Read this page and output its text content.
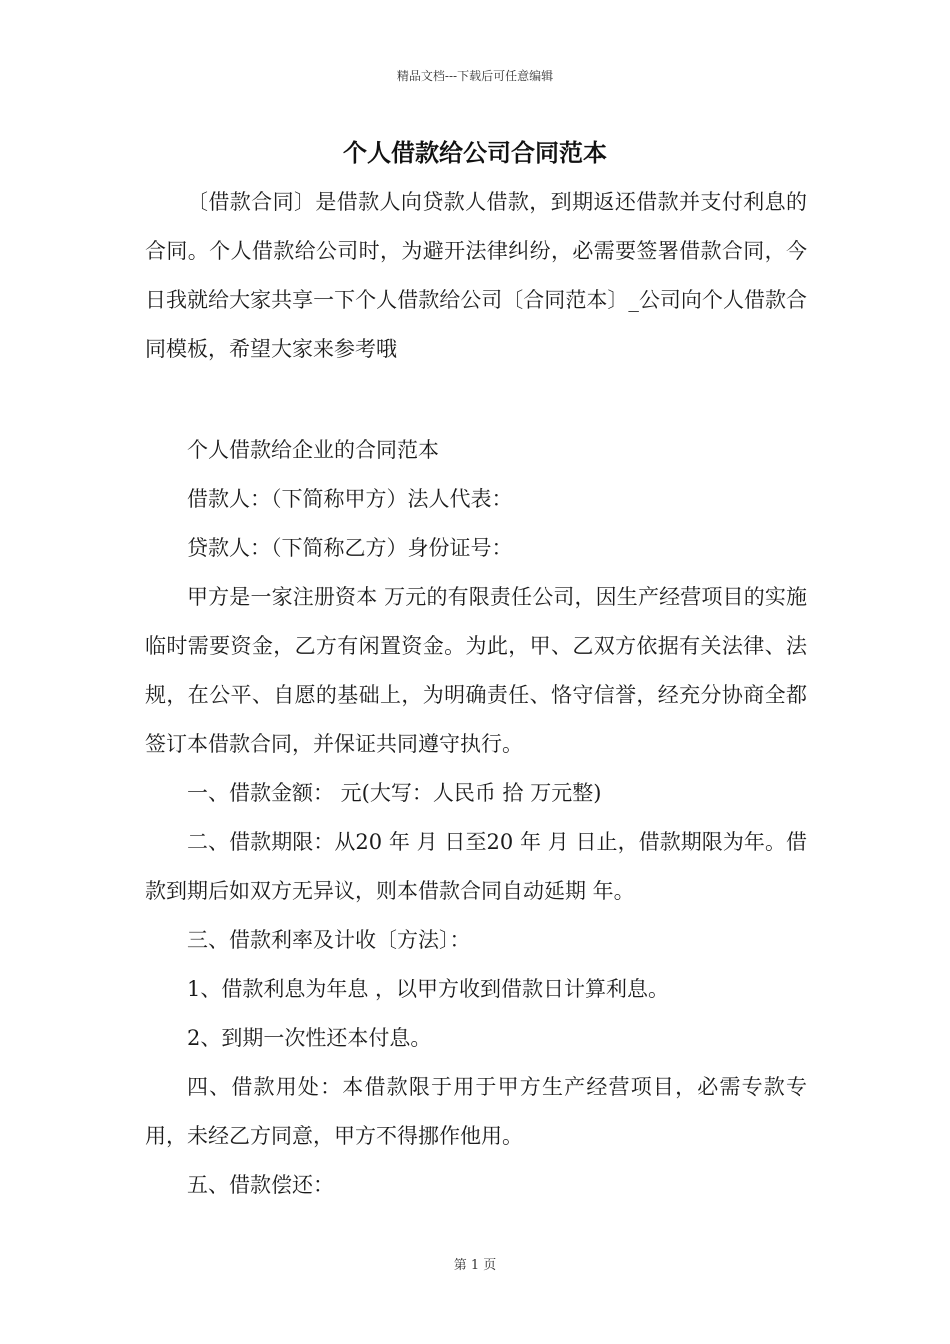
精品文档---下载后可任意编辑
个人借款给公司合同范本

〔借款合同〕是借款人向贷款人借款，到期返还借款并支付利息的合同。个人借款给公司时，为避开法律纠纷，必需要签署借款合同，今日我就给大家共享一下个人借款给公司〔合同范本〕_公司向个人借款合同模板，希望大家来参考哦

个人借款给企业的合同范本

借款人：（下简称甲方）法人代表：

贷款人：（下简称乙方）身份证号：

甲方是一家注册资本 万元的有限责任公司，因生产经营项目的实施临时需要资金，乙方有闲置资金。为此，甲、乙双方依据有关法律、法规，在公平、自愿的基础上，为明确责任、恪守信誉，经充分协商全都签订本借款合同，并保证共同遵守执行。

一、借款金额： 元(大写：人民币 拾 万元整)

二、借款期限：从20 年 月 日至20 年 月 日止，借款期限为年。借款到期后如双方无异议，则本借款合同自动延期 年。

三、借款利率及计收〔方法〕：

1、借款利息为年息 ，以甲方收到借款日计算利息。

2、到期一次性还本付息。

四、借款用处：本借款限于用于甲方生产经营项目，必需专款专用，未经乙方同意，甲方不得挪作他用。

五、借款偿还：

第 1 页
